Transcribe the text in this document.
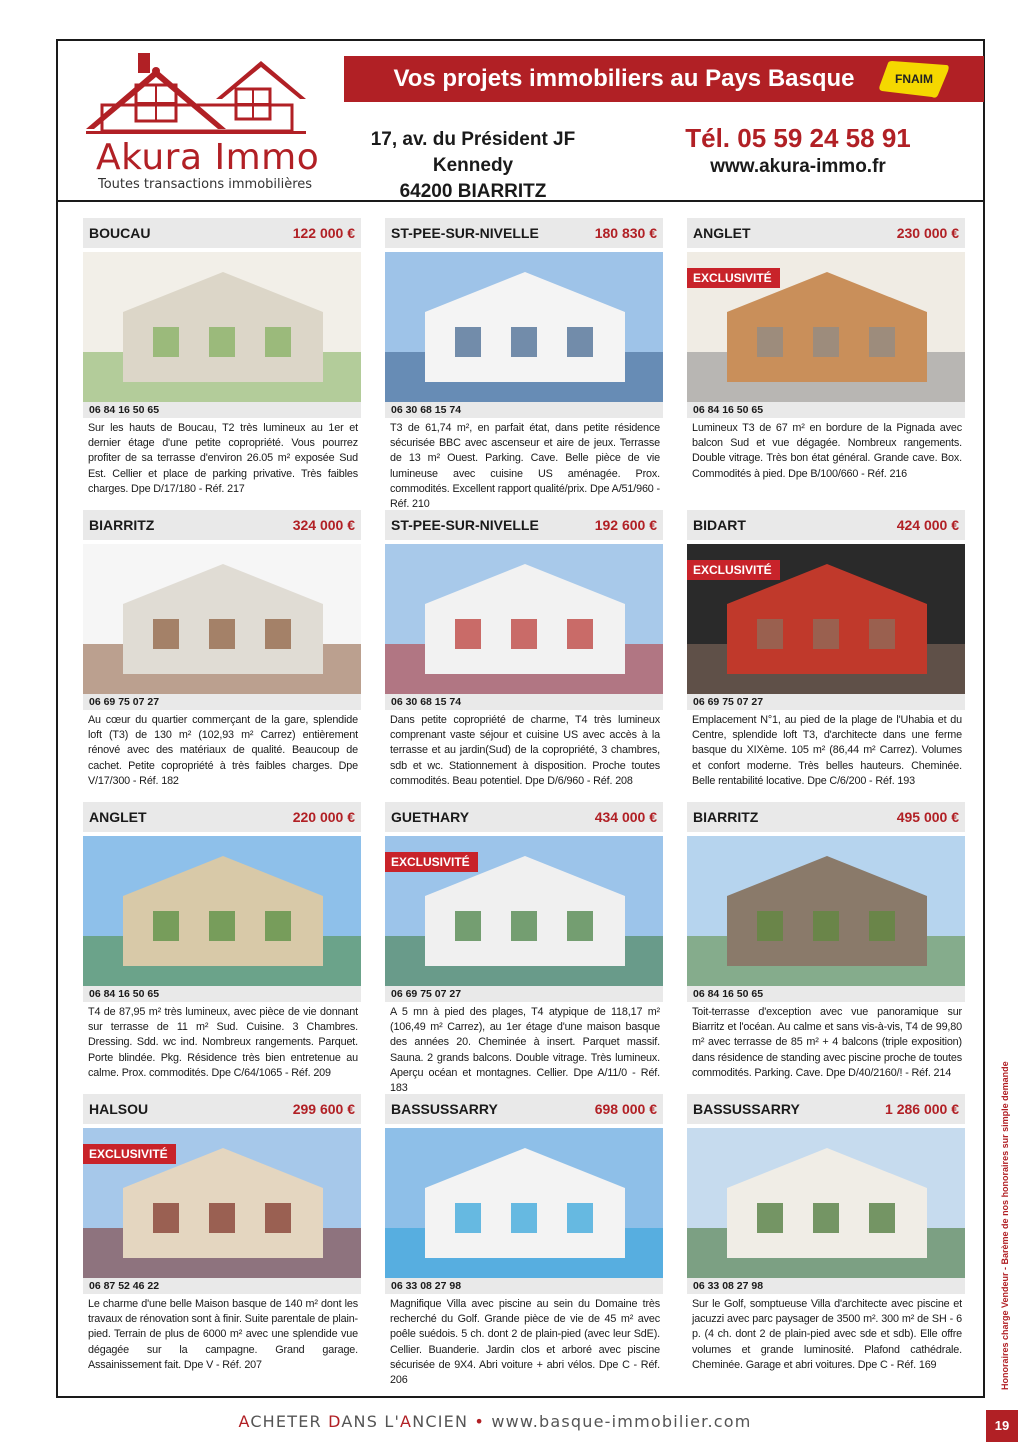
Akura Immo
Toutes transactions immobilières
Vos projets immobiliers au Pays Basque	FNAIM
17, av. du Président JF Kennedy
64200 BIARRITZ
Tél. 05 59 24 58 91
www.akura-immo.fr
BOUCAU	122 000 €
06 84 16 50 65
Sur les hauts de Boucau, T2 très lumineux au 1er et dernier étage d'une petite copropriété. Vous pourrez profiter de sa terrasse d'environ 26.05 m² exposée Sud Est. Cellier et place de parking privative. Très faibles charges. Dpe D/17/180 - Réf. 217
ST-PEE-SUR-NIVELLE	180 830 €
06 30 68 15 74
T3 de 61,74 m², en parfait état, dans petite résidence sécurisée BBC avec ascenseur et aire de jeux. Terrasse de 13 m² Ouest. Parking. Cave. Belle pièce de vie lumineuse avec cuisine US aménagée. Prox. commodités. Excellent rapport qualité/prix. Dpe A/51/960 - Réf. 210
ANGLET	230 000 €
EXCLUSIVITÉ
06 84 16 50 65
Lumineux T3 de 67 m² en bordure de la Pignada avec balcon Sud et vue dégagée. Nombreux rangements. Double vitrage. Très bon état général. Grande cave. Box. Commodités à pied. Dpe B/100/660 - Réf. 216
BIARRITZ	324 000 €
06 69 75 07 27
Au cœur du quartier commerçant de la gare, splendide loft (T3) de 130 m² (102,93 m² Carrez) entièrement rénové avec des matériaux de qualité. Beaucoup de cachet. Petite copropriété à très faibles charges. Dpe V/17/300 - Réf. 182
ST-PEE-SUR-NIVELLE	192 600 €
06 30 68 15 74
Dans petite copropriété de charme, T4 très lumineux comprenant vaste séjour et cuisine US avec accès à la terrasse et au jardin(Sud) de la copropriété, 3 chambres, sdb et wc. Stationnement à disposition. Proche toutes commodités. Beau potentiel. Dpe D/6/960 - Réf. 208
BIDART	424 000 €
EXCLUSIVITÉ
06 69 75 07 27
Emplacement N°1, au pied de la plage de l'Uhabia et du Centre, splendide loft T3, d'architecte dans une ferme basque du XIXème. 105 m² (86,44 m² Carrez). Volumes et confort moderne. Très belles hauteurs. Cheminée. Belle rentabilité locative. Dpe C/6/200 - Réf. 193
ANGLET	220 000 €
06 84 16 50 65
T4 de 87,95 m² très lumineux, avec pièce de vie donnant sur terrasse de 11 m² Sud. Cuisine. 3 Chambres. Dressing. Sdd. wc ind. Nombreux rangements. Parquet. Porte blindée. Pkg. Résidence très bien entretenue au calme. Prox. commodités. Dpe C/64/1065 - Réf. 209
GUETHARY	434 000 €
EXCLUSIVITÉ
06 69 75 07 27
A 5 mn à pied des plages, T4 atypique de 118,17 m² (106,49 m² Carrez), au 1er étage d'une maison basque des années 20. Cheminée à insert. Parquet massif. Sauna. 2 grands balcons. Double vitrage. Très lumineux. Aperçu océan et montagnes. Cellier. Dpe A/11/0 - Réf. 183
BIARRITZ	495 000 €
06 84 16 50 65
Toit-terrasse d'exception avec vue panoramique sur Biarritz et l'océan. Au calme et sans vis-à-vis, T4 de 99,80 m² avec terrasse de 85 m² + 4 balcons (triple exposition) dans résidence de standing avec piscine proche de toutes commodités. Parking. Cave. Dpe D/40/2160/! - Réf. 214
HALSOU	299 600 €
EXCLUSIVITÉ
06 87 52 46 22
Le charme d'une belle Maison basque de 140 m² dont les travaux de rénovation sont à finir. Suite parentale de plain-pied. Terrain de plus de 6000 m² avec une splendide vue dégagée sur la campagne. Grand garage. Assainissement fait. Dpe V - Réf. 207
BASSUSSARRY	698 000 €
06 33 08 27 98
Magnifique Villa avec piscine au sein du Domaine très recherché du Golf. Grande pièce de vie de 45 m² avec poêle suédois. 5 ch. dont 2 de plain-pied (avec leur SdE). Cellier. Buanderie. Jardin clos et arboré avec piscine sécurisée de 9X4. Abri voiture + abri vélos. Dpe C - Réf. 206
BASSUSSARRY	1 286 000 €
06 33 08 27 98
Sur le Golf, somptueuse Villa d'architecte avec piscine et jacuzzi avec parc paysager de 3500 m². 300 m² de SH - 6 p. (4 ch. dont 2 de plain-pied avec sde et sdb). Elle offre volumes et grande luminosité. Plafond cathédrale. Cheminée. Garage et abri voitures. Dpe C - Réf. 169	Honoraires charge Vendeur - Barème de nos honoraires sur simple demande
ACHETER DANS L'ANCIEN • www.basque-immobilier.com	19
